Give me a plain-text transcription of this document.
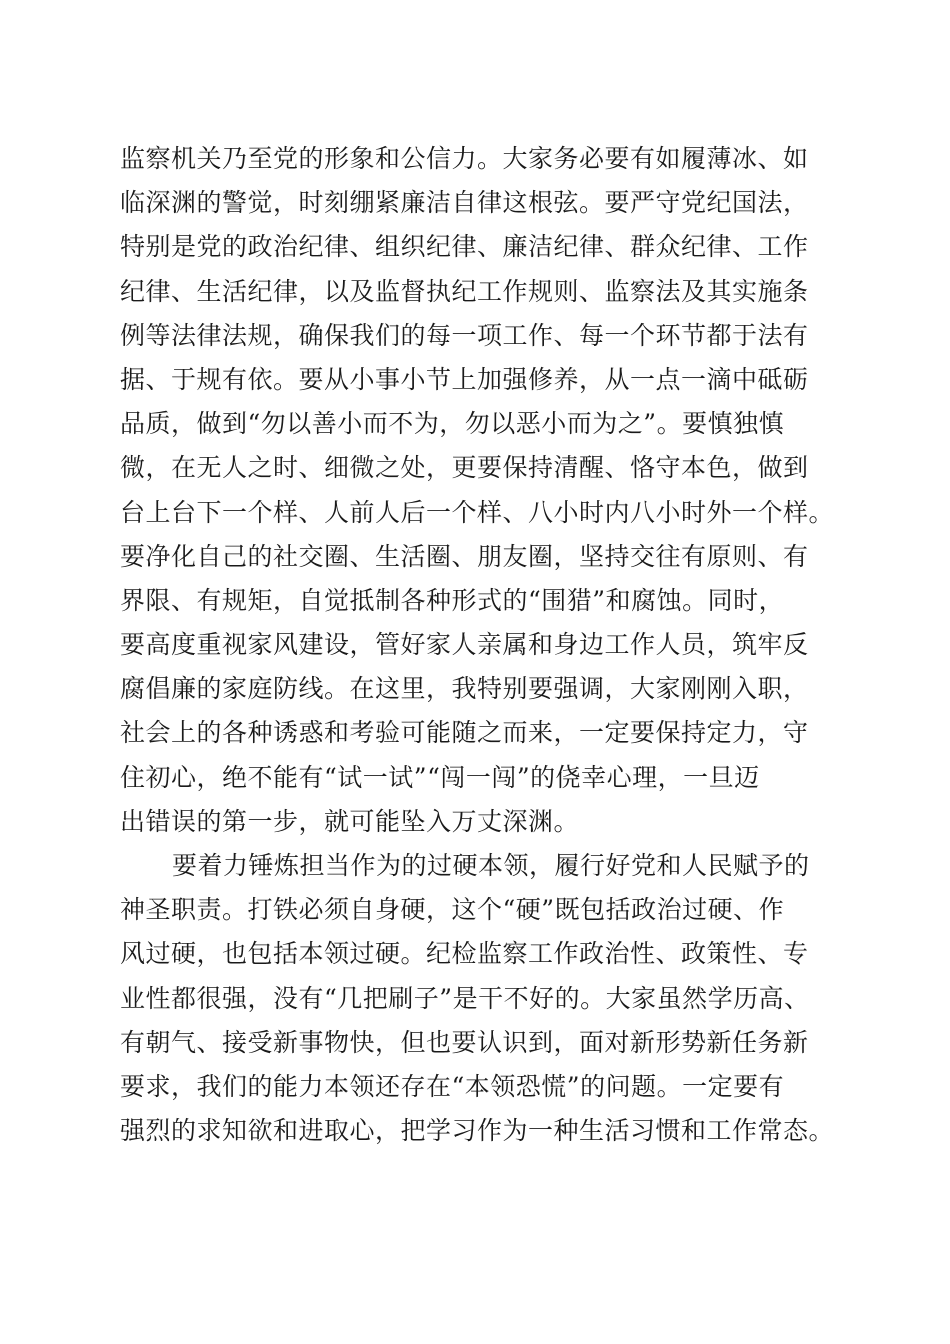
监察机关乃至党的形象和公信力。大家务必要有如履薄冰、如
临深渊的警觉，时刻绷紧廉洁自律这根弦。要严守党纪国法，
特别是党的政治纪律、组织纪律、廉洁纪律、群众纪律、工作
纪律、生活纪律，以及监督执纪工作规则、监察法及其实施条
例等法律法规，确保我们的每一项工作、每一个环节都于法有
据、于规有依。要从小事小节上加强修养，从一点一滴中砥砺
品质，做到“勿以善小而不为，勿以恶小而为之”。要慎独慎
微，在无人之时、细微之处，更要保持清醒、恪守本色，做到
台上台下一个样、人前人后一个样、八小时内八小时外一个样。
要净化自己的社交圈、生活圈、朋友圈，坚持交往有原则、有
界限、有规矩，自觉抵制各种形式的“围猎”和腐蚀。同时，
要高度重视家风建设，管好家人亲属和身边工作人员，筑牢反
腐倡廉的家庭防线。在这里，我特别要强调，大家刚刚入职，
社会上的各种诱惑和考验可能随之而来，一定要保持定力，守
住初心，绝不能有“试一试”“闯一闯”的侥幸心理，一旦迈
出错误的第一步，就可能坠入万丈深渊。
要着力锤炼担当作为的过硬本领，履行好党和人民赋予的
神圣职责。打铁必须自身硬，这个“硬”既包括政治过硬、作
风过硬，也包括本领过硬。纪检监察工作政治性、政策性、专
业性都很强，没有“几把刷子”是干不好的。大家虽然学历高、
有朝气、接受新事物快，但也要认识到，面对新形势新任务新
要求，我们的能力本领还存在“本领恐慌”的问题。一定要有
强烈的求知欲和进取心，把学习作为一种生活习惯和工作常态。
